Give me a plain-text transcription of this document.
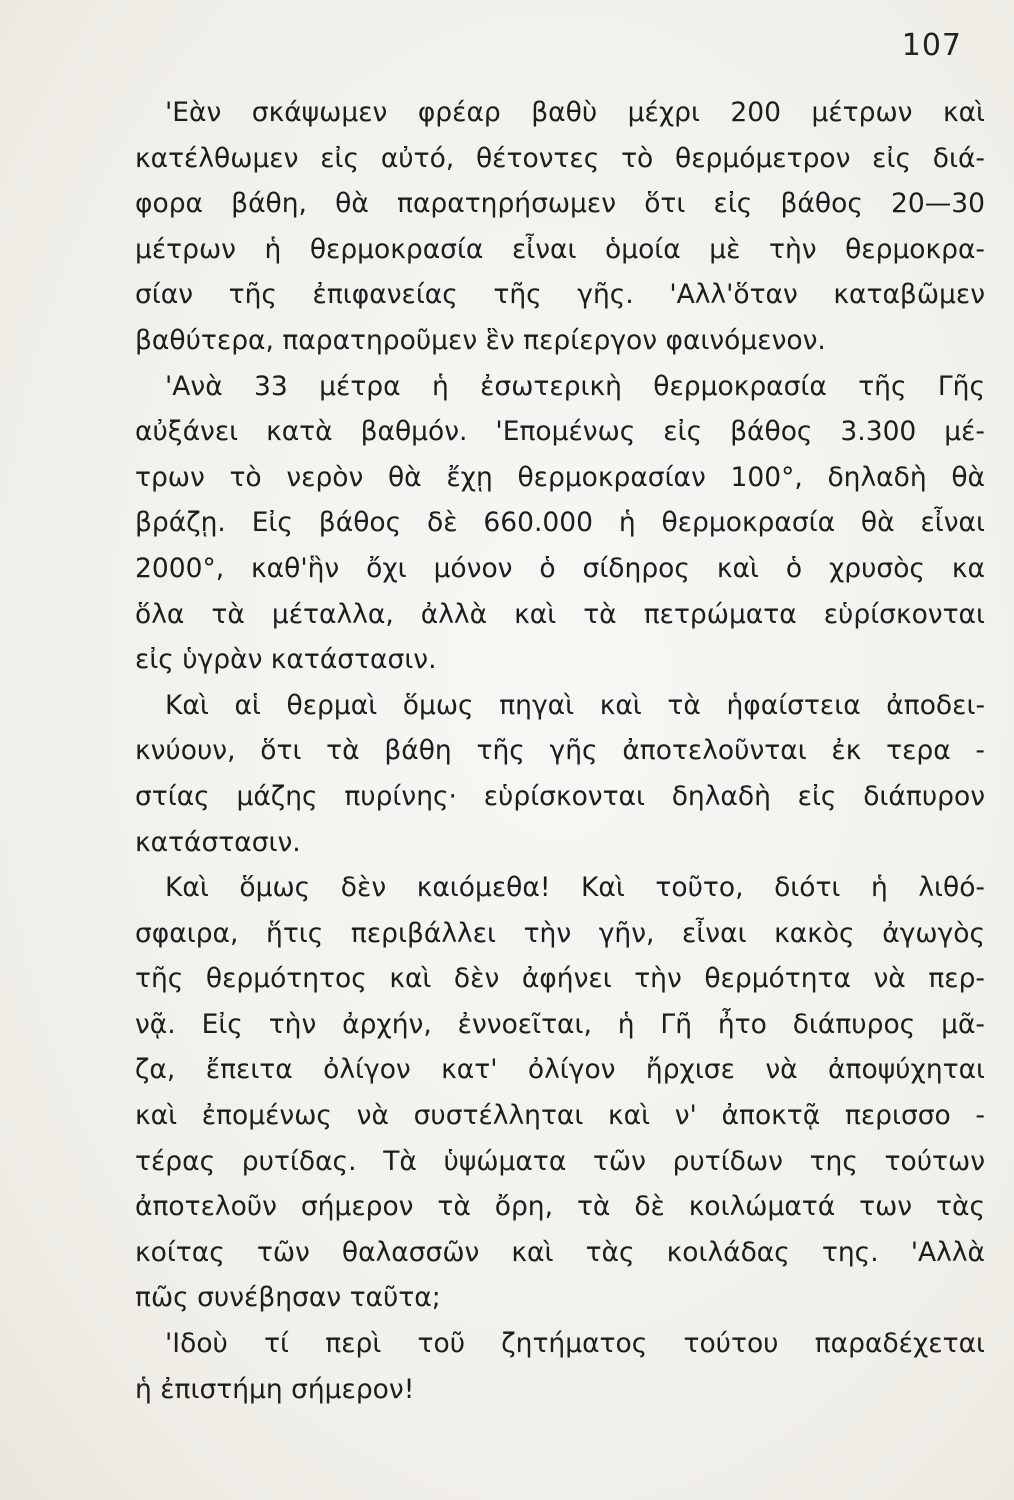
107
'Εὰν σκάψωμεν φρέαρ βαθὺ μέχρι 200 μέτρων καὶ
κατέλθωμεν εἰς αὐτό, θέτοντες τὸ θερμόμετρον εἰς διά-
φορα βάθη, θὰ παρατηρήσωμεν ὅτι εἰς βάθος 20—30
μέτρων ἡ θερμοκρασία εἶναι ὁμοία μὲ τὴν θερμοκρα-
σίαν τῆς ἐπιφανείας τῆς γῆς. 'Αλλ'ὅταν καταβῶμεν
βαθύτερα, παρατηροῦμεν ἓν περίεργον φαινόμενον.
'Ανὰ 33 μέτρα ἡ ἐσωτερικὴ θερμοκρασία τῆς Γῆς
αὐξάνει κατὰ βαθμόν. 'Επομένως εἰς βάθος 3.300 μέ-
τρων τὸ νερὸν θὰ ἔχῃ θερμοκρασίαν 100°, δηλαδὴ θὰ
βράζῃ. Εἰς βάθος δὲ 660.000 ἡ θερμοκρασία θὰ εἶναι
2000°, καθ'ἣν ὄχι μόνον ὁ σίδηρος καὶ ὁ χρυσὸς κα
ὅλα τὰ μέταλλα, ἀλλὰ καὶ τὰ πετρώματα εὑρίσκονται
εἰς ὑγρὰν κατάστασιν.
Καὶ αἱ θερμαὶ ὅμως πηγαὶ καὶ τὰ ἡφαίστεια ἀποδει-
κνύουν, ὅτι τὰ βάθη τῆς γῆς ἀποτελοῦνται ἐκ τερα -
στίας μάζης πυρίνης· εὑρίσκονται δηλαδὴ εἰς διάπυρον
κατάστασιν.
Καὶ ὅμως δὲν καιόμεθα! Καὶ τοῦτο, διότι ἡ λιθό-
σφαιρα, ἥτις περιβάλλει τὴν γῆν, εἶναι κακὸς ἀγωγὸς
τῆς θερμότητος καὶ δὲν ἀφήνει τὴν θερμότητα νὰ περ-
νᾷ. Εἰς τὴν ἀρχήν, ἐννοεῖται, ἡ Γῆ ἦτο διάπυρος μᾶ-
ζα, ἔπειτα ὀλίγον κατ' ὀλίγον ἤρχισε νὰ ἀποψύχηται
καὶ ἐπομένως νὰ συστέλληται καὶ ν' ἀποκτᾷ περισσο -
τέρας ρυτίδας. Τὰ ὑψώματα τῶν ρυτίδων της τούτων
ἀποτελοῦν σήμερον τὰ ὄρη, τὰ δὲ κοιλώματά των τὰς
κοίτας τῶν θαλασσῶν καὶ τὰς κοιλάδας της. 'Αλλὰ
πῶς συνέβησαν ταῦτα;
'Ιδοὺ τί περὶ τοῦ ζητήματος τούτου παραδέχεται
ἡ ἐπιστήμη σήμερον!
